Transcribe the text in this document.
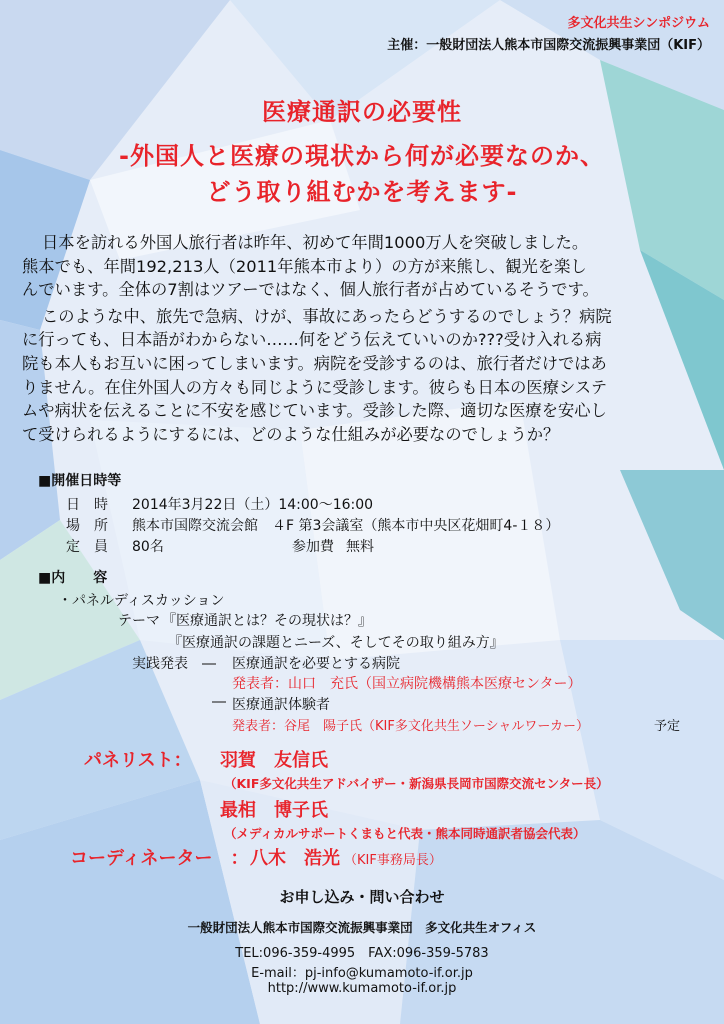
多文化共生シンポジウム

主催：一般財団法人熊本市国際交流振興事業団（KIF）

医療通訳の必要性

-外国人と医療の現状から何が必要なのか、

どう取り組むかを考えます-

日本を訪れる外国人旅行者は昨年、初めて年間1000万人を突破しました。

熊本でも、年間192,213人（2011年熊本市より）の方が来熊し、観光を楽し

んでいます。全体の7割はツアーではなく、個人旅行者が占めているそうです。

このような中、旅先で急病、けが、事故にあったらどうするのでしょう？病院

に行っても、日本語がわからない……何をどう伝えていいのか???受け入れる病

院も本人もお互いに困ってしまいます。病院を受診するのは、旅行者だけではあ

りません。在住外国人の方々も同じように受診します。彼らも日本の医療システ

ムや病状を伝えることに不安を感じています。受診した際、適切な医療を安心し

て受けられるようにするには、どのような仕組みが必要なのでしょうか？

■開催日時等

日　時 2014年3月22日（土）14:00～16:00

場　所 熊本市国際交流会館　４F 第3会議室（熊本市中央区花畑町4-１８）

定　員 80名	参加費 無料

■内　　容

・パネルディスカッション

テーマ 『医療通訳とは？その現状は？』

『医療通訳の課題とニーズ、そしてその取り組み方』

実践発表　― 医療通訳を必要とする病院

発表者：山口　充氏（国立病院機構熊本医療センター）

― 医療通訳体験者

発表者：谷尾　陽子氏（KIF多文化共生ソーシャルワーカー）	予定

パネリスト： 羽賀　友信氏

（KIF多文化共生アドバイザー・新潟県長岡市国際交流センター長）

最相　博子氏

（メディカルサポートくまもと代表・熊本同時通訳者協会代表）

コーディネーター　： 八木　浩光 （KIF事務局長）

お申し込み・問い合わせ

一般財団法人熊本市国際交流振興事業団　多文化共生オフィス

TEL:096-359-4995　FAX:096-359-5783

E-mail：pj-info@kumamoto-if.or.jp

http://www.kumamoto-if.or.jp
